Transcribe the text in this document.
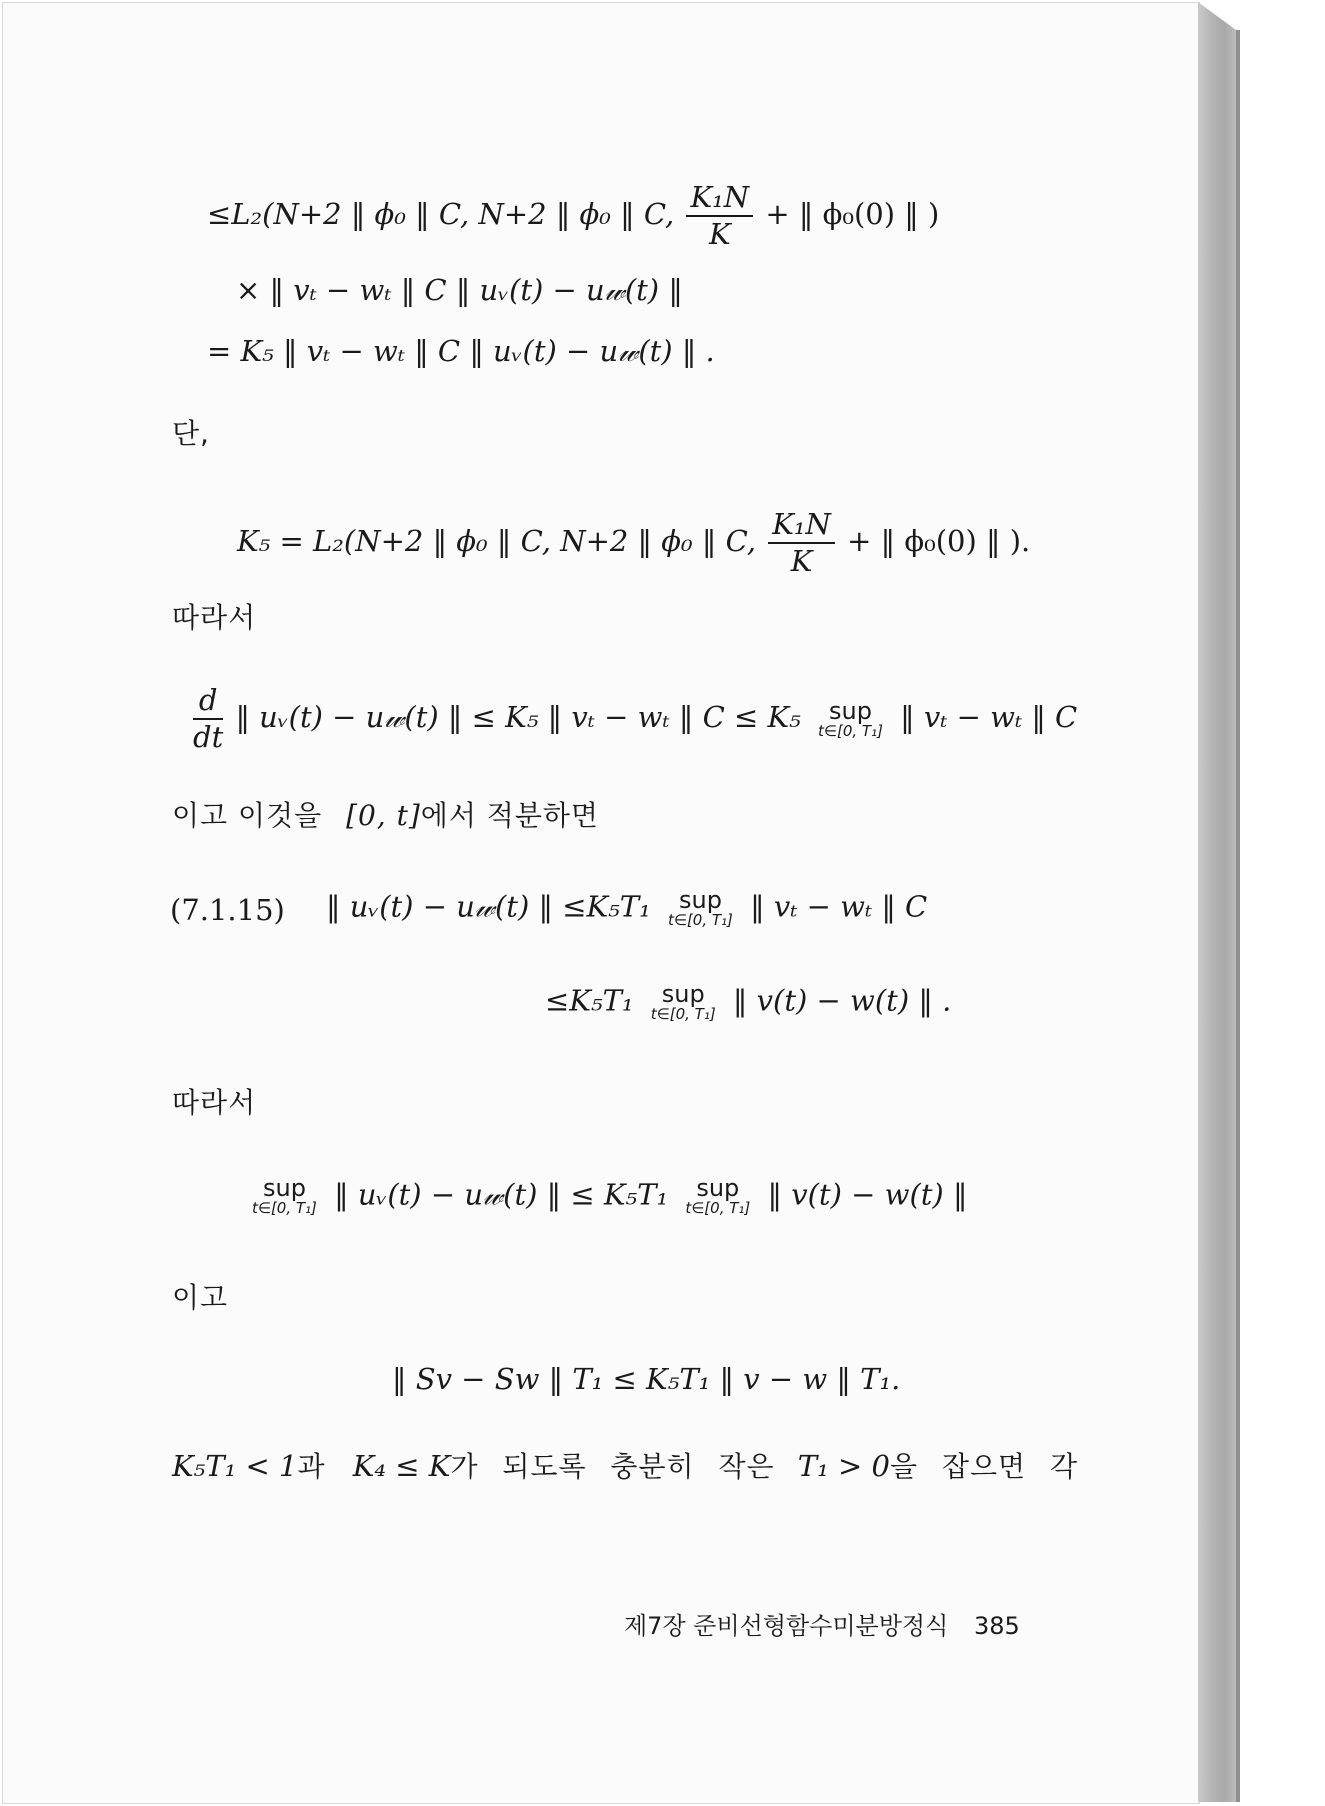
≤L₂(N+2 ‖ ϕ₀ ‖ C, N+2 ‖ ϕ₀ ‖ C, $\frac{\text{K₁N}}{K}$ + ‖ ϕ₀(0) ‖ )
× ‖ vₜ − wₜ ‖ C ‖ uᵥ(t) − u𝓌(t) ‖
= K₅ ‖ vₜ − wₜ ‖ C ‖ uᵥ(t) − u𝓌(t) ‖ .
단,
K₅ = L₂(N+2 ‖ ϕ₀ ‖ C, N+2 ‖ ϕ₀ ‖ C, $\frac{\text{K₁N}}{K}$ + ‖ ϕ₀(0) ‖ ).
따라서
$\frac{d}{dt}$ ‖ uᵥ(t) − u𝓌(t) ‖ ≤ K₅ ‖ vₜ − wₜ ‖ C ≤ K₅	sup
t∈[0, T₁] ‖ vₜ − wₜ ‖ C
이고 이것을 [0, t]에서 적분하면
(7.1.15) ‖ uᵥ(t) − u𝓌(t) ‖ ≤K₅T₁	sup
t∈[0, T₁] ‖ vₜ − wₜ ‖ C
≤K₅T₁	sup
t∈[0, T₁] ‖ v(t) − w(t) ‖ .
따라서
sup
t∈[0, T₁] ‖ uᵥ(t) − u𝓌(t) ‖ ≤ K₅T₁	sup
t∈[0, T₁] ‖ v(t) − w(t) ‖
이고
‖ Sv − Sw ‖ T₁ ≤ K₅T₁ ‖ v − w ‖ T₁.
K₅T₁ < 1과 K₄ ≤ K가 되도록 충분히 작은 T₁ > 0을 잡으면 각
제7장 준비선형함수미분방정식 385
